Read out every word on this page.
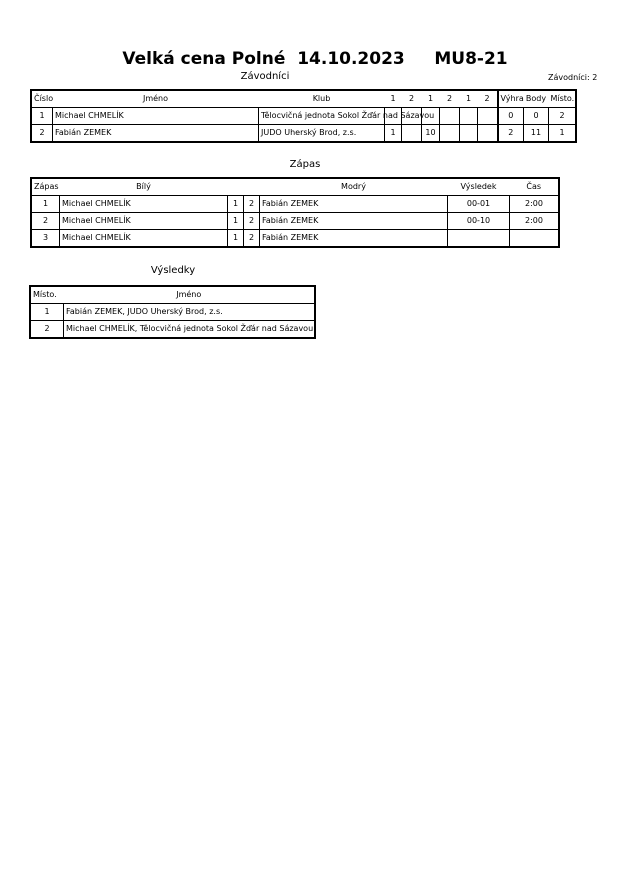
Velká cena Polné  14.10.2023     MU8-21
Závodníci	Závodníci: 2
Číslo	Jméno	Klub	1	2	1	2	1	2	Výhra	Body	Místo.
1	Michael CHMELÍK	Tělocvičná jednota Sokol Žďár nad Sázavou							0	0	2
2	Fabián ZEMEK	JUDO Uherský Brod, z.s.	1		10				2	11	1
Zápas
Zápas	Bílý			Modrý	Výsledek	Čas
1	Michael CHMELÍK	1	2	Fabián ZEMEK	00-01	2:00
2	Michael CHMELÍK	1	2	Fabián ZEMEK	00-10	2:00
3	Michael CHMELÍK	1	2	Fabián ZEMEK		
Výsledky
Místo.	Jméno
1	Fabián ZEMEK, JUDO Uherský Brod, z.s.
2	Michael CHMELÍK, Tělocvičná jednota Sokol Žďár nad Sázavou
